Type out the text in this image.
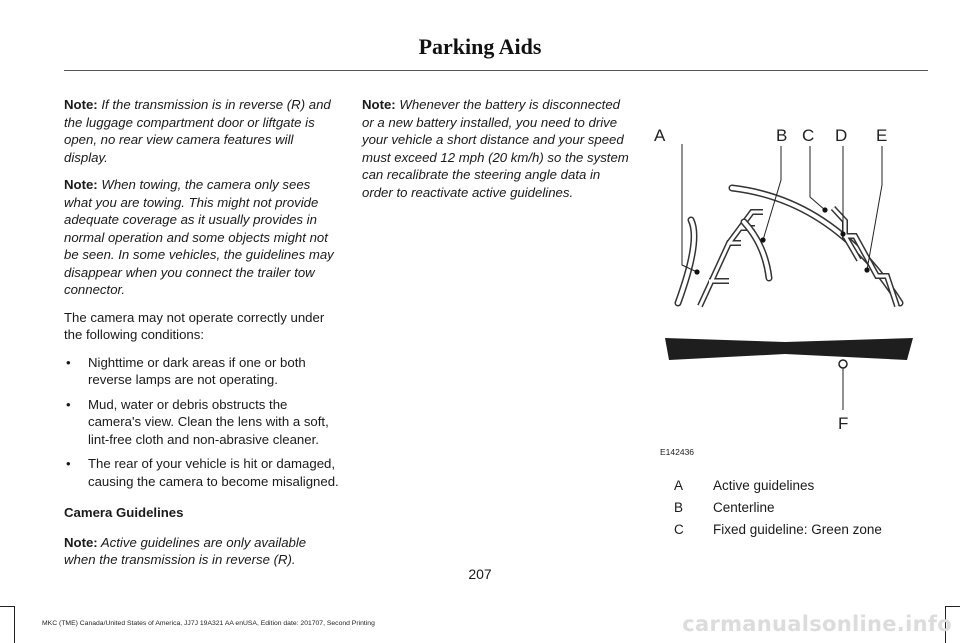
Parking Aids

Note: If the transmission is in reverse (R) and the luggage compartment door or liftgate is open, no rear view camera features will display.

Note: When towing, the camera only sees what you are towing. This might not provide adequate coverage as it usually provides in normal operation and some objects might not be seen. In some vehicles, the guidelines may disappear when you connect the trailer tow connector.

The camera may not operate correctly under the following conditions:

• Nighttime or dark areas if one or both reverse lamps are not operating.
• Mud, water or debris obstructs the camera's view. Clean the lens with a soft, lint-free cloth and non-abrasive cleaner.
• The rear of your vehicle is hit or damaged, causing the camera to become misaligned.
Camera Guidelines

Note: Active guidelines are only available when the transmission is in reverse (R).

Note: Whenever the battery is disconnected or a new battery installed, you need to drive your vehicle a short distance and your speed must exceed 12 mph (20 km/h) so the system can recalibrate the steering angle data in order to reactivate active guidelines.

A	B C D E
F
E142436
A	Active guidelines
B	Centerline
C	Fixed guideline: Green zone
207
MKC (TME) Canada/United States of America, JJ7J 19A321 AA enUSA, Edition date: 201707, Second Printing	carmanualsonline.info
